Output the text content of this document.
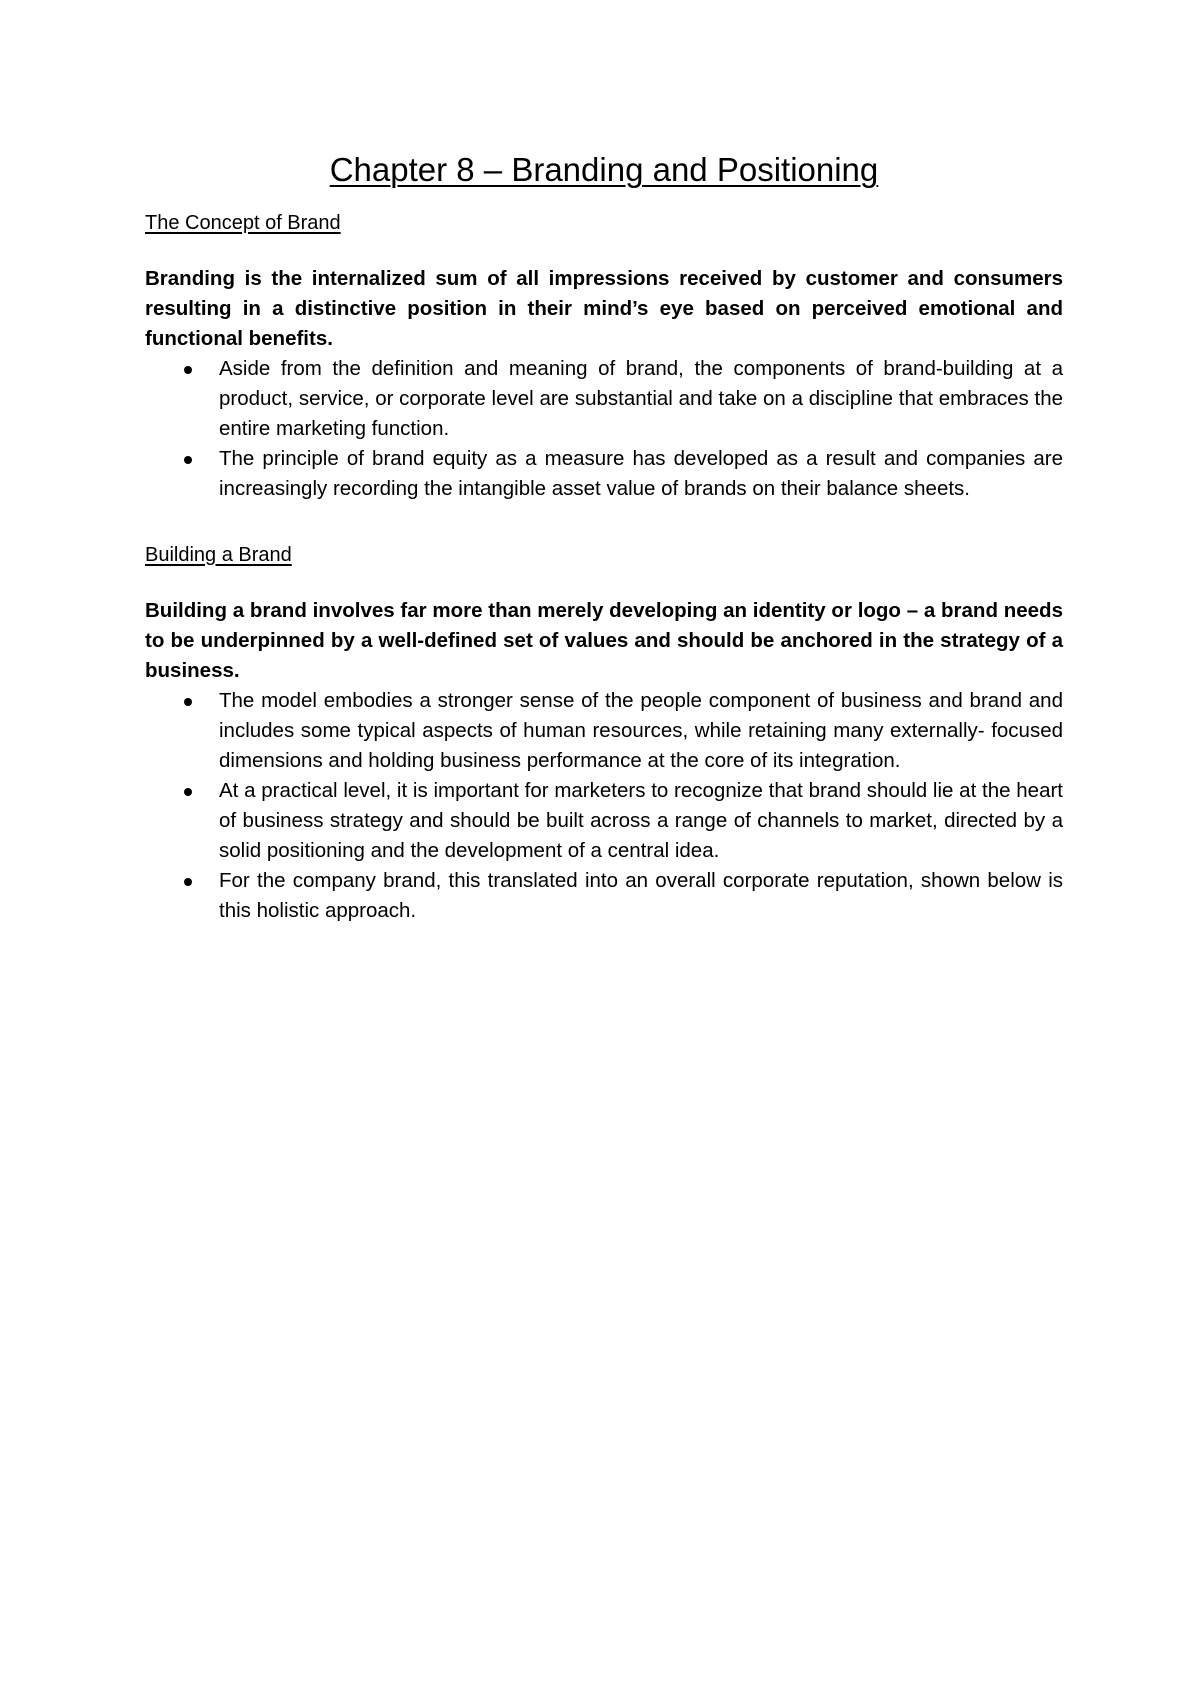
Chapter 8 – Branding and Positioning
The Concept of Brand

Branding is the internalized sum of all impressions received by customer and consumers resulting in a distinctive position in their mind’s eye based on perceived emotional and functional benefits.

Aside from the definition and meaning of brand, the components of brand-building at a product, service, or corporate level are substantial and take on a discipline that embraces the entire marketing function.
The principle of brand equity as a measure has developed as a result and companies are increasingly recording the intangible asset value of brands on their balance sheets.
Building a Brand

Building a brand involves far more than merely developing an identity or logo – a brand needs to be underpinned by a well-defined set of values and should be anchored in the strategy of a business.

The model embodies a stronger sense of the people component of business and brand and includes some typical aspects of human resources, while retaining many externally- focused dimensions and holding business performance at the core of its integration.
At a practical level, it is important for marketers to recognize that brand should lie at the heart of business strategy and should be built across a range of channels to market, directed by a solid positioning and the development of a central idea.
For the company brand, this translated into an overall corporate reputation, shown below is this holistic approach.
